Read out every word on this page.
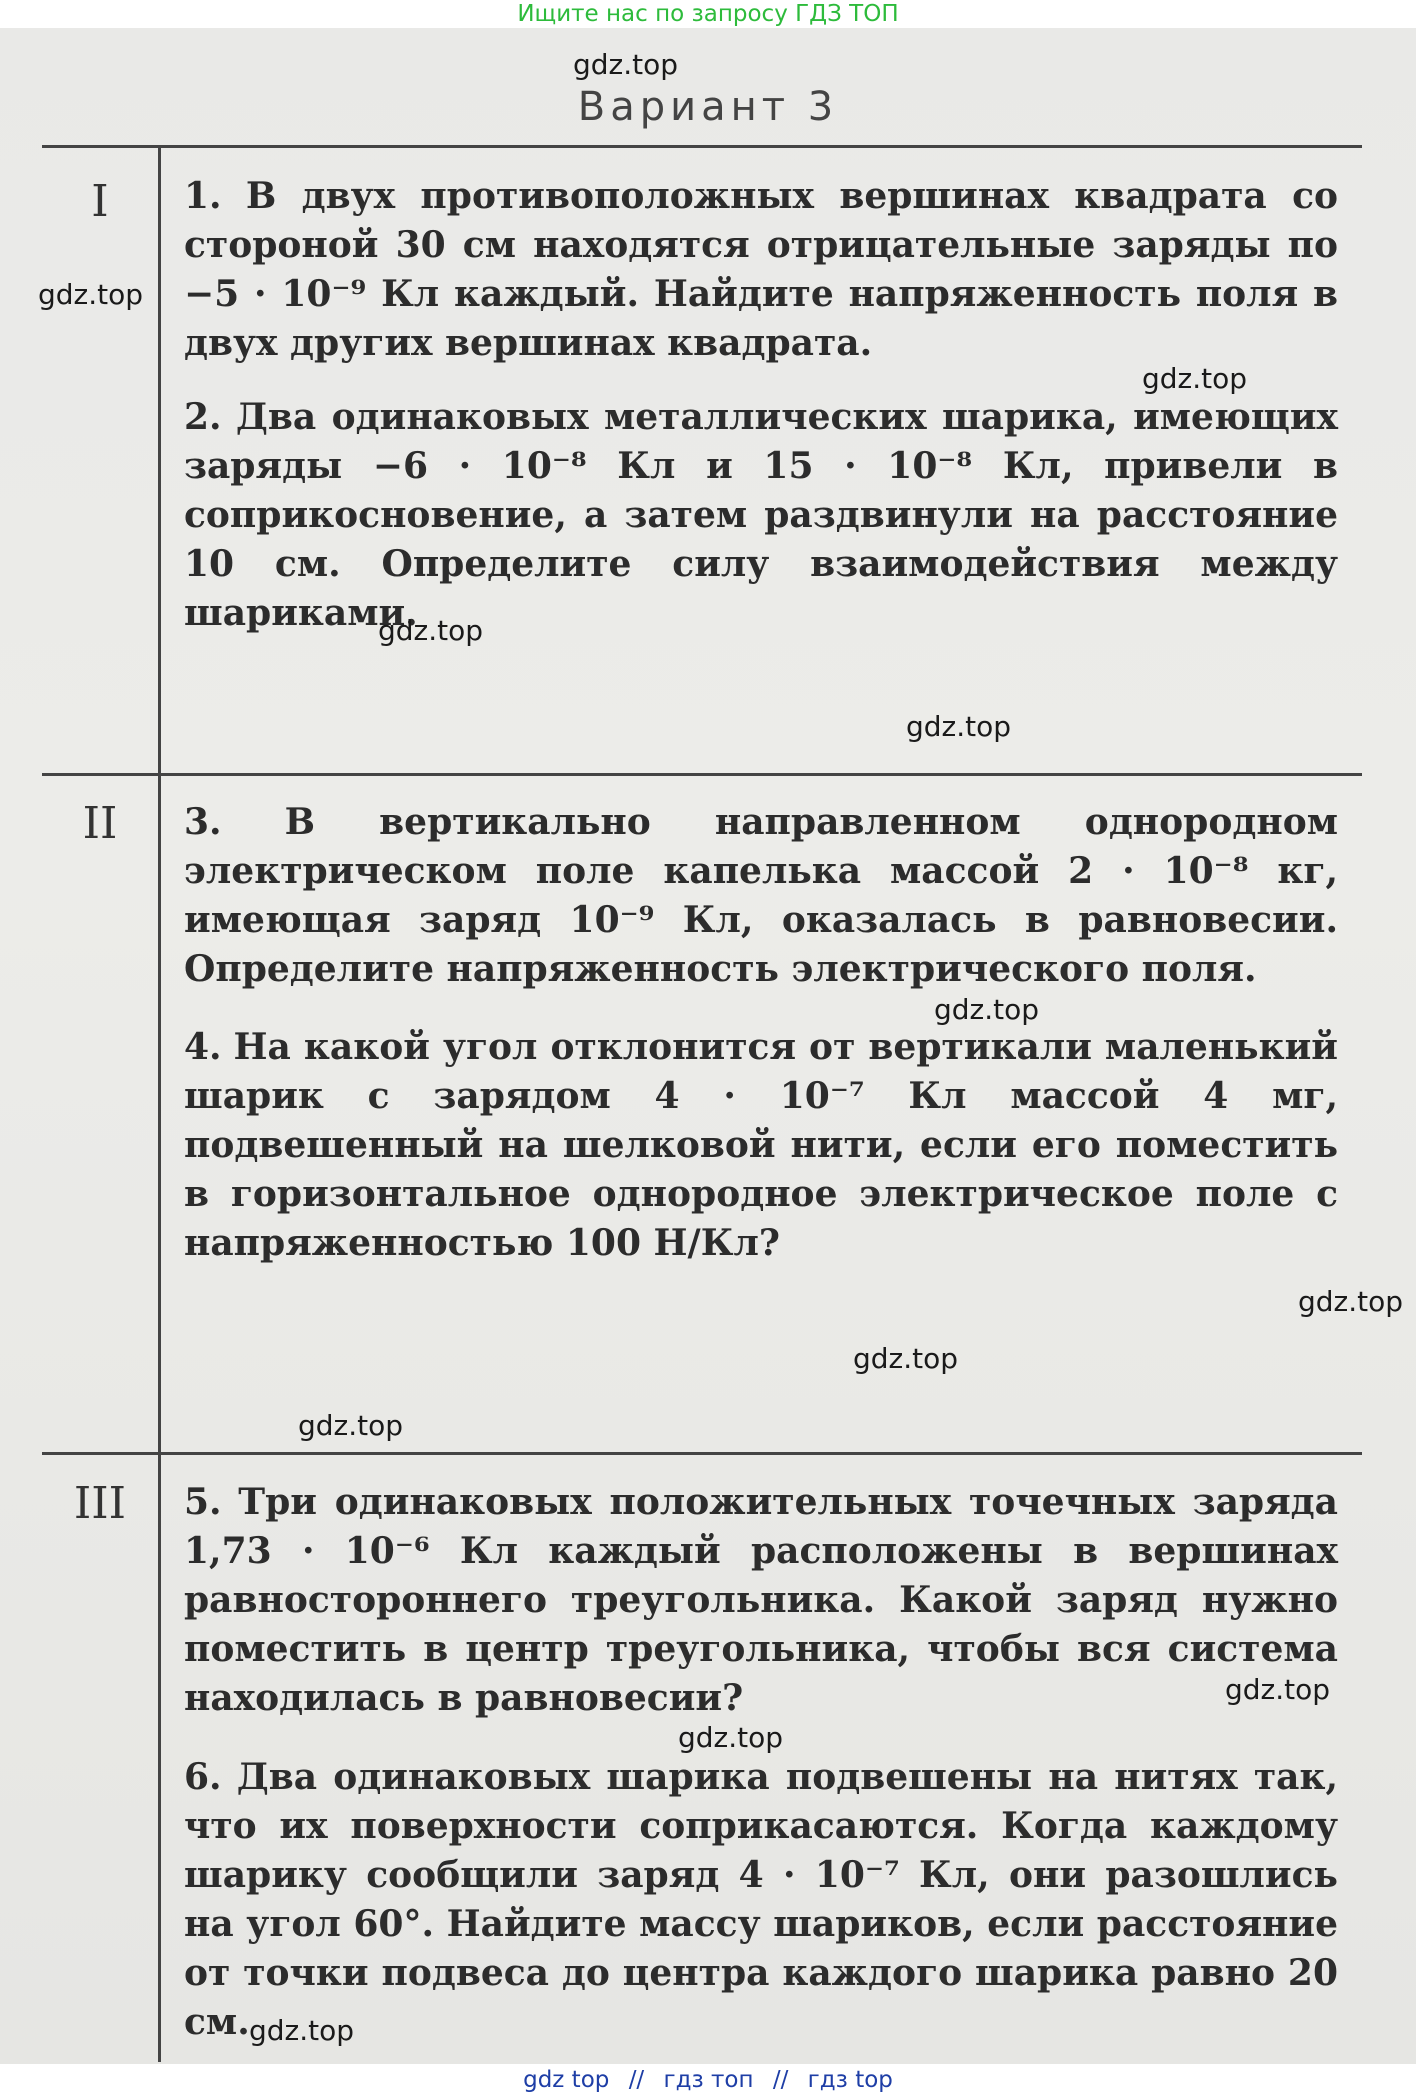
Ищите нас по запросу ГДЗ ТОП
Вариант 3
I
II
III
1. В двух противоположных вершинах квадрата со стороной 30 см находятся отрицательные заряды по −5 · 10⁻⁹ Кл каждый. Найдите напряженность поля в двух других вершинах квадрата.
2. Два одинаковых металлических шарика, имеющих заряды −6 · 10⁻⁸ Кл и 15 · 10⁻⁸ Кл, привели в соприкосновение, а затем раздвинули на расстояние 10 см. Определите силу взаимодействия между шариками.
3. В вертикально направленном однородном электрическом поле капелька массой 2 · 10⁻⁸ кг, имеющая заряд 10⁻⁹ Кл, оказалась в равновесии. Определите напряженность электрического поля.
4. На какой угол отклонится от вертикали маленький шарик с зарядом 4 · 10⁻⁷ Кл массой 4 мг, подвешенный на шелковой нити, если его поместить в горизонтальное однородное электрическое поле с напряженностью 100 Н/Кл?
5. Три одинаковых положительных точечных заряда 1,73 · 10⁻⁶ Кл каждый расположены в вершинах равностороннего треугольника. Какой заряд нужно поместить в центр треугольника, чтобы вся система находилась в равновесии?
6. Два одинаковых шарика подвешены на нитях так, что их поверхности соприкасаются. Когда каждому шарику сообщили заряд 4 · 10⁻⁷ Кл, они разошлись на угол 60°. Найдите массу шариков, если расстояние от точки подвеса до центра каждого шарика равно 20 см.
gdz.top
gdz.top
gdz.top
gdz.top
gdz.top
gdz.top
gdz.top
gdz.top
gdz.top
gdz.top
gdz.top
gdz.top
gdz top // гдз топ // гдз top
